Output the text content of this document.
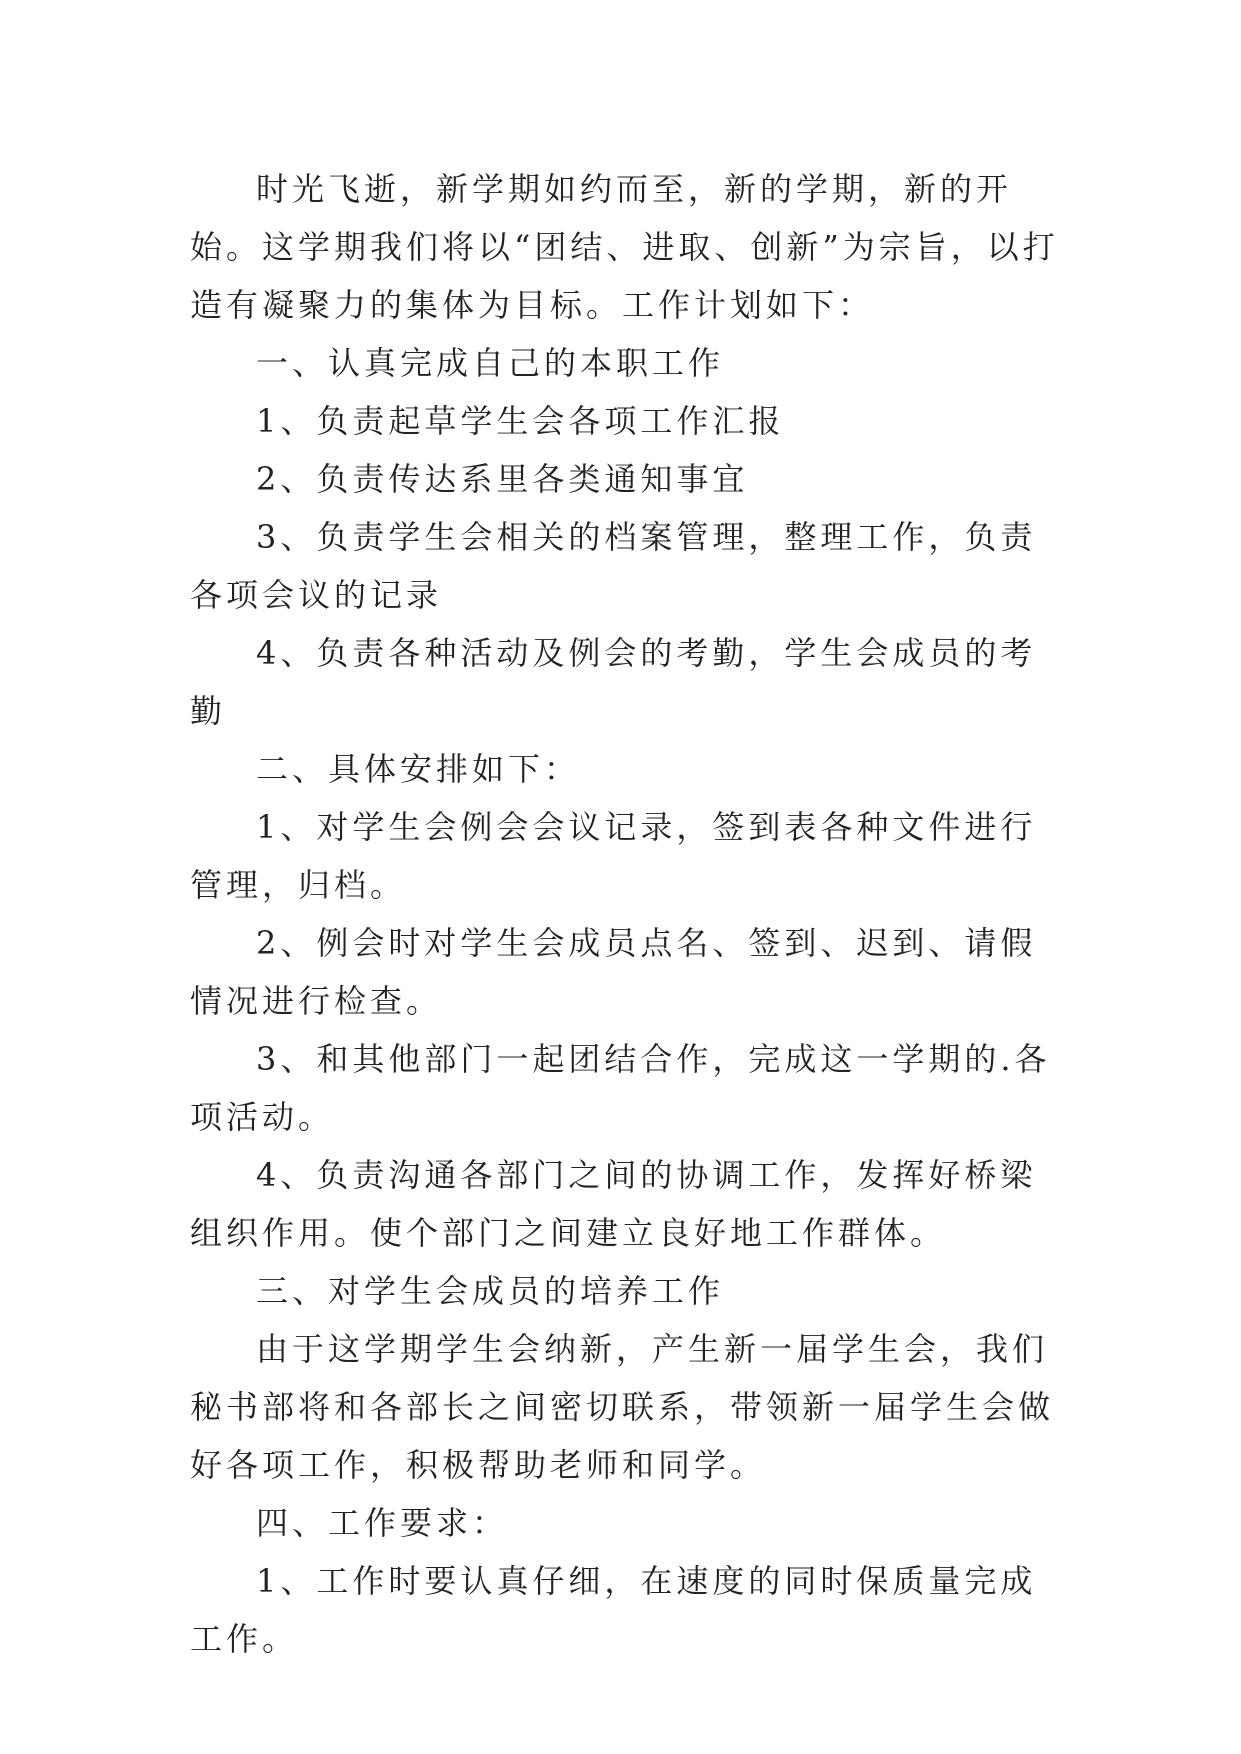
时光飞逝，新学期如约而至，新的学期，新的开始。这学期我们将以“团结、进取、创新”为宗旨，以打造有凝聚力的集体为目标。工作计划如下：

一、认真完成自己的本职工作

1、负责起草学生会各项工作汇报

2、负责传达系里各类通知事宜

3、负责学生会相关的档案管理，整理工作，负责各项会议的记录

4、负责各种活动及例会的考勤，学生会成员的考勤

二、具体安排如下：

1、对学生会例会会议记录，签到表各种文件进行管理，归档。

2、例会时对学生会成员点名、签到、迟到、请假情况进行检查。

3、和其他部门一起团结合作，完成这一学期的.各项活动。

4、负责沟通各部门之间的协调工作，发挥好桥梁组织作用。使个部门之间建立良好地工作群体。

三、对学生会成员的培养工作

由于这学期学生会纳新，产生新一届学生会，我们秘书部将和各部长之间密切联系，带领新一届学生会做好各项工作，积极帮助老师和同学。

四、工作要求：

1、工作时要认真仔细，在速度的同时保质量完成工作。
